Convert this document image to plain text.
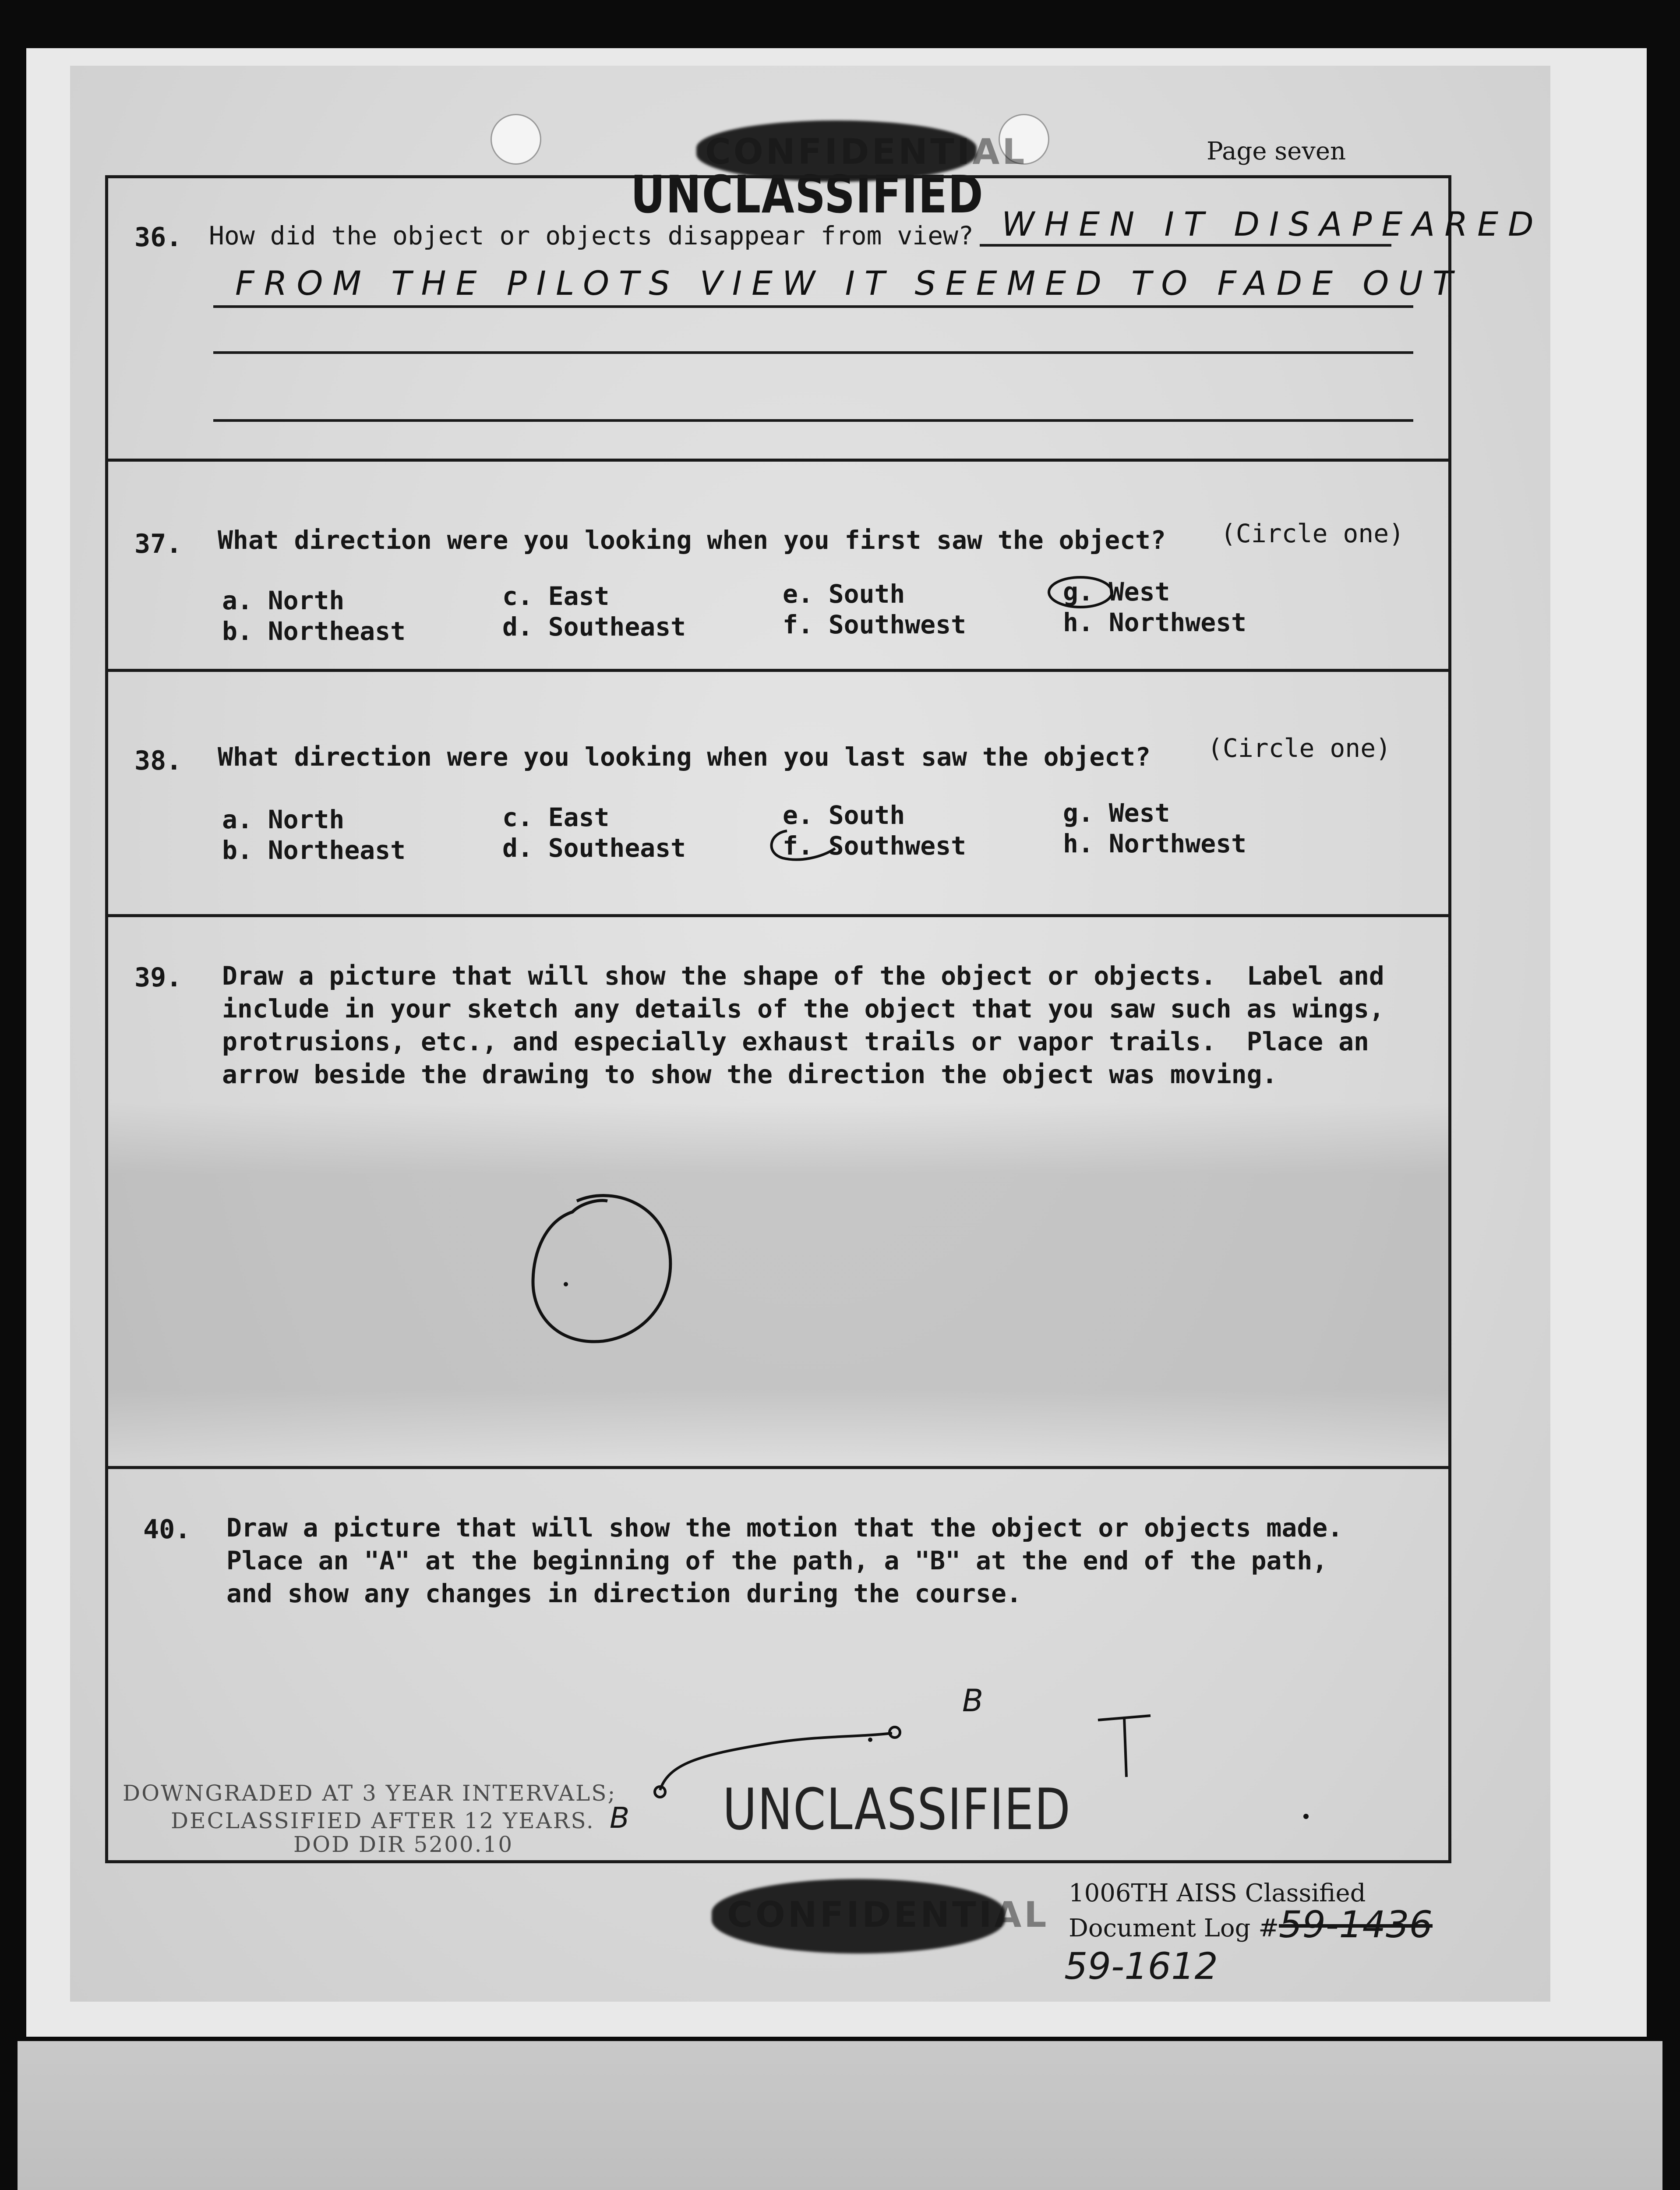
CONFIDENTIAL	Page seven
UNCLASSIFIED
36. How did the object or objects disappear from view? WHEN IT DISAPEARED
FROM THE PILOTS VIEW IT SEEMED TO FADE OUT
37. What direction were you looking when you first saw the object? (Circle one)
a. North
b. Northeast
c. East
d. Southeast
e. South
f. Southwest
g. West
h. Northwest
38. What direction were you looking when you last saw the object? (Circle one)
a. North
b. Northeast
c. East
d. Southeast
e. South
f. Southwest
g. West
h. Northwest
39. Draw a picture that will show the shape of the object or objects.  Label and
include in your sketch any details of the object that you saw such as wings,
protrusions, etc., and especially exhaust trails or vapor trails.  Place an
arrow beside the drawing to show the direction the object was moving.
40. Draw a picture that will show the motion that the object or objects made.
Place an "A" at the beginning of the path, a "B" at the end of the path,
and show any changes in direction during the course.
B
B
DOWNGRADED AT 3 YEAR INTERVALS;
DECLASSIFIED AFTER 12 YEARS.
DOD DIR 5200.10
UNCLASSIFIED
CONFIDENTIAL
1006TH AISS Classified
Document Log # 59-1436
59-1612
